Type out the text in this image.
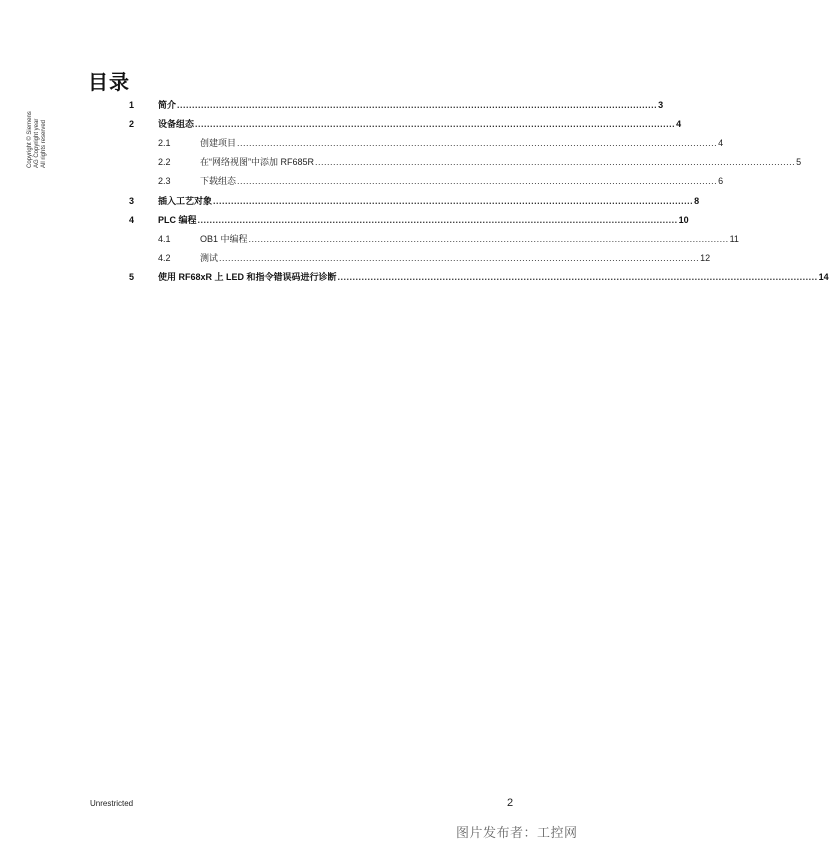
目录
Copyright © Siemens AG Copyright year All rights reserved
1	简介 ................................................................................................................................................................ 3
2	设备组态 ................................................................................................................................................................ 4
2.1	创建项目 ................................................................................................................................................................ 4
2.2	在“网络视图”中添加 RF685R ................................................................................................................................................................ 5
2.3	下载组态 ................................................................................................................................................................ 6
3	插入工艺对象 ................................................................................................................................................................ 8
4	PLC 编程 ................................................................................................................................................................ 10
4.1	OB1 中编程 ................................................................................................................................................................ 11
4.2	测试 ................................................................................................................................................................ 12
5	使用 RF68xR 上 LED 和指令错误码进行诊断 ................................................................................................................................................................ 14
Unrestricted	2
图片发布者：工控网
